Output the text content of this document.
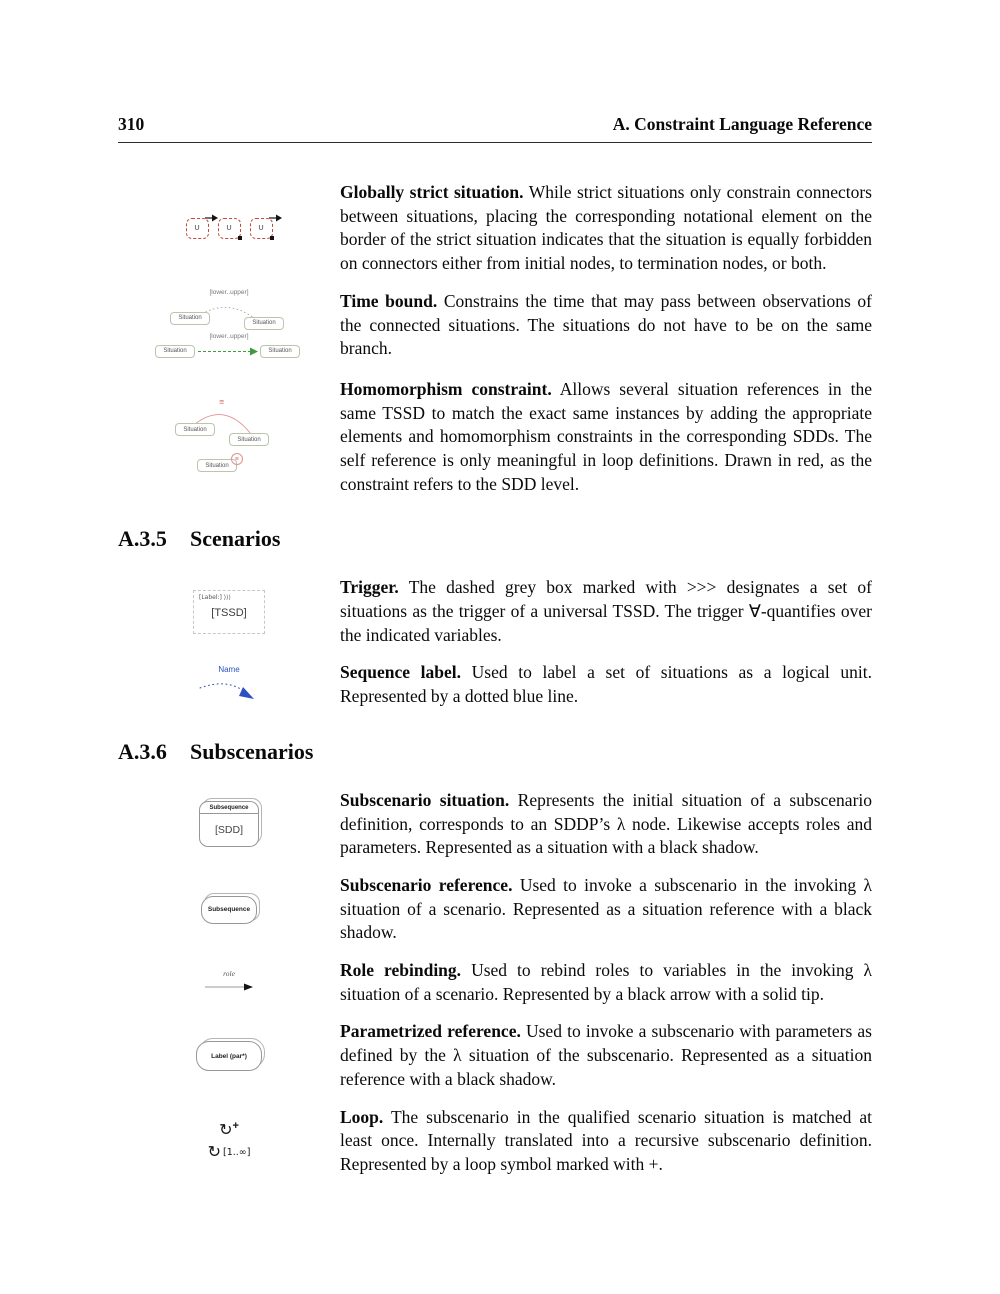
310	A. Constraint Language Reference
U	U	U

Globally strict situation. While strict situations only constrain connectors between situations, placing the corresponding notational element on the border of the strict situation indicates that the situation is equally forbidden on connectors either from initial nodes, to termination nodes, or both.

[lower..upper]
Situation
Situation
[lower..upper]
Situation	Situation

Time bound. Constrains the time that may pass between observations of the connected situations. The situations do not have to be on the same branch.

≅
Situation
Situation
Situation
≅

Homomorphism constraint. Allows several situation references in the same TSSD to match the exact same instances by adding the appropriate elements and homomorphism constraints in the corresponding SDDs. The self reference is only meaningful in loop definitions. Drawn in red, as the constraint refers to the SDD level.

A.3.5	Scenarios
[Label:] ⟩⟩⟩
[TSSD]

Trigger. The dashed grey box marked with >>> designates a set of situations as the trigger of a universal TSSD. The trigger ∀-quantifies over the indicated variables.

Name	Sequence label. Used to label a set of situations as a logical unit. Represented by a dotted blue line.

A.3.6	Subscenarios
Subsequence
[SDD]

Subscenario situation. Represents the initial situation of a subscenario definition, corresponds to an SDDP’s λ node. Likewise accepts roles and parameters. Represented as a situation with a black shadow.

Subsequence

Subscenario reference. Used to invoke a subscenario in the invoking λ situation of a scenario. Represented as a situation reference with a black shadow.

role	Role rebinding. Used to rebind roles to variables in the invoking λ situation of a scenario. Represented by a black arrow with a solid tip.

Label (par*)

Parametrized reference. Used to invoke a subscenario with parameters as defined by the λ situation of the subscenario. Represented as a situation reference with a black shadow.

↻ +
↻ [1..∞]

Loop. The subscenario in the qualified scenario situation is matched at least once. Internally translated into a recursive subscenario definition. Represented by a loop symbol marked with +.
